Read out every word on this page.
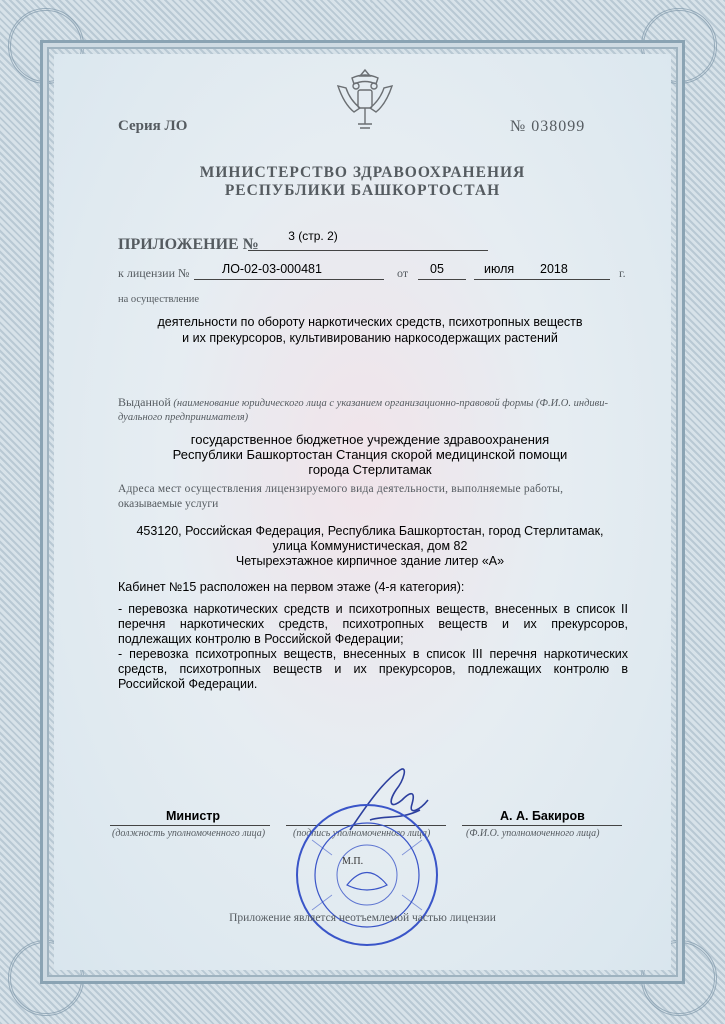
Серия ЛО	№ 038099
МИНИСТЕРСТВО ЗДРАВООХРАНЕНИЯ
РЕСПУБЛИКИ БАШКОРТОСТАН
ПРИЛОЖЕНИЕ №	3 (стр. 2)
к лицензии №	ЛО-02-03-000481	от 05	июля 2018	г.
на осуществление
деятельности по обороту наркотических средств, психотропных веществ
и их прекурсоров, культивированию наркосодержащих растений
Выданной (наименование юридического лица с указанием организационно-правовой формы (Ф.И.О. индиви-
дуального предпринимателя)
государственное бюджетное учреждение здравоохранения
Республики Башкортостан Станция скорой медицинской помощи
города Стерлитамак
Адреса мест осуществления лицензируемого вида деятельности, выполняемые работы,
оказываемые услуги
453120, Российская Федерация, Республика Башкортостан, город Стерлитамак,
улица Коммунистическая, дом 82
Четырехэтажное кирпичное здание литер «А»
Кабинет №15 расположен на первом этаже (4-я категория):
- перевозка наркотических средств и психотропных веществ, внесенных в список II
перечня наркотических средств, психотропных веществ и их прекурсоров,
подлежащих контролю в Российской Федерации;
- перевозка психотропных веществ, внесенных в список III перечня наркотических
средств, психотропных веществ и их прекурсоров, подлежащих контролю в
Российской Федерации.
Министр
(должность уполномоченного лица)	(подпись уполномоченного лица)
А. А. Бакиров
(Ф.И.О. уполномоченного лица)
М.П.
Приложение является неотъемлемой частью лицензии
